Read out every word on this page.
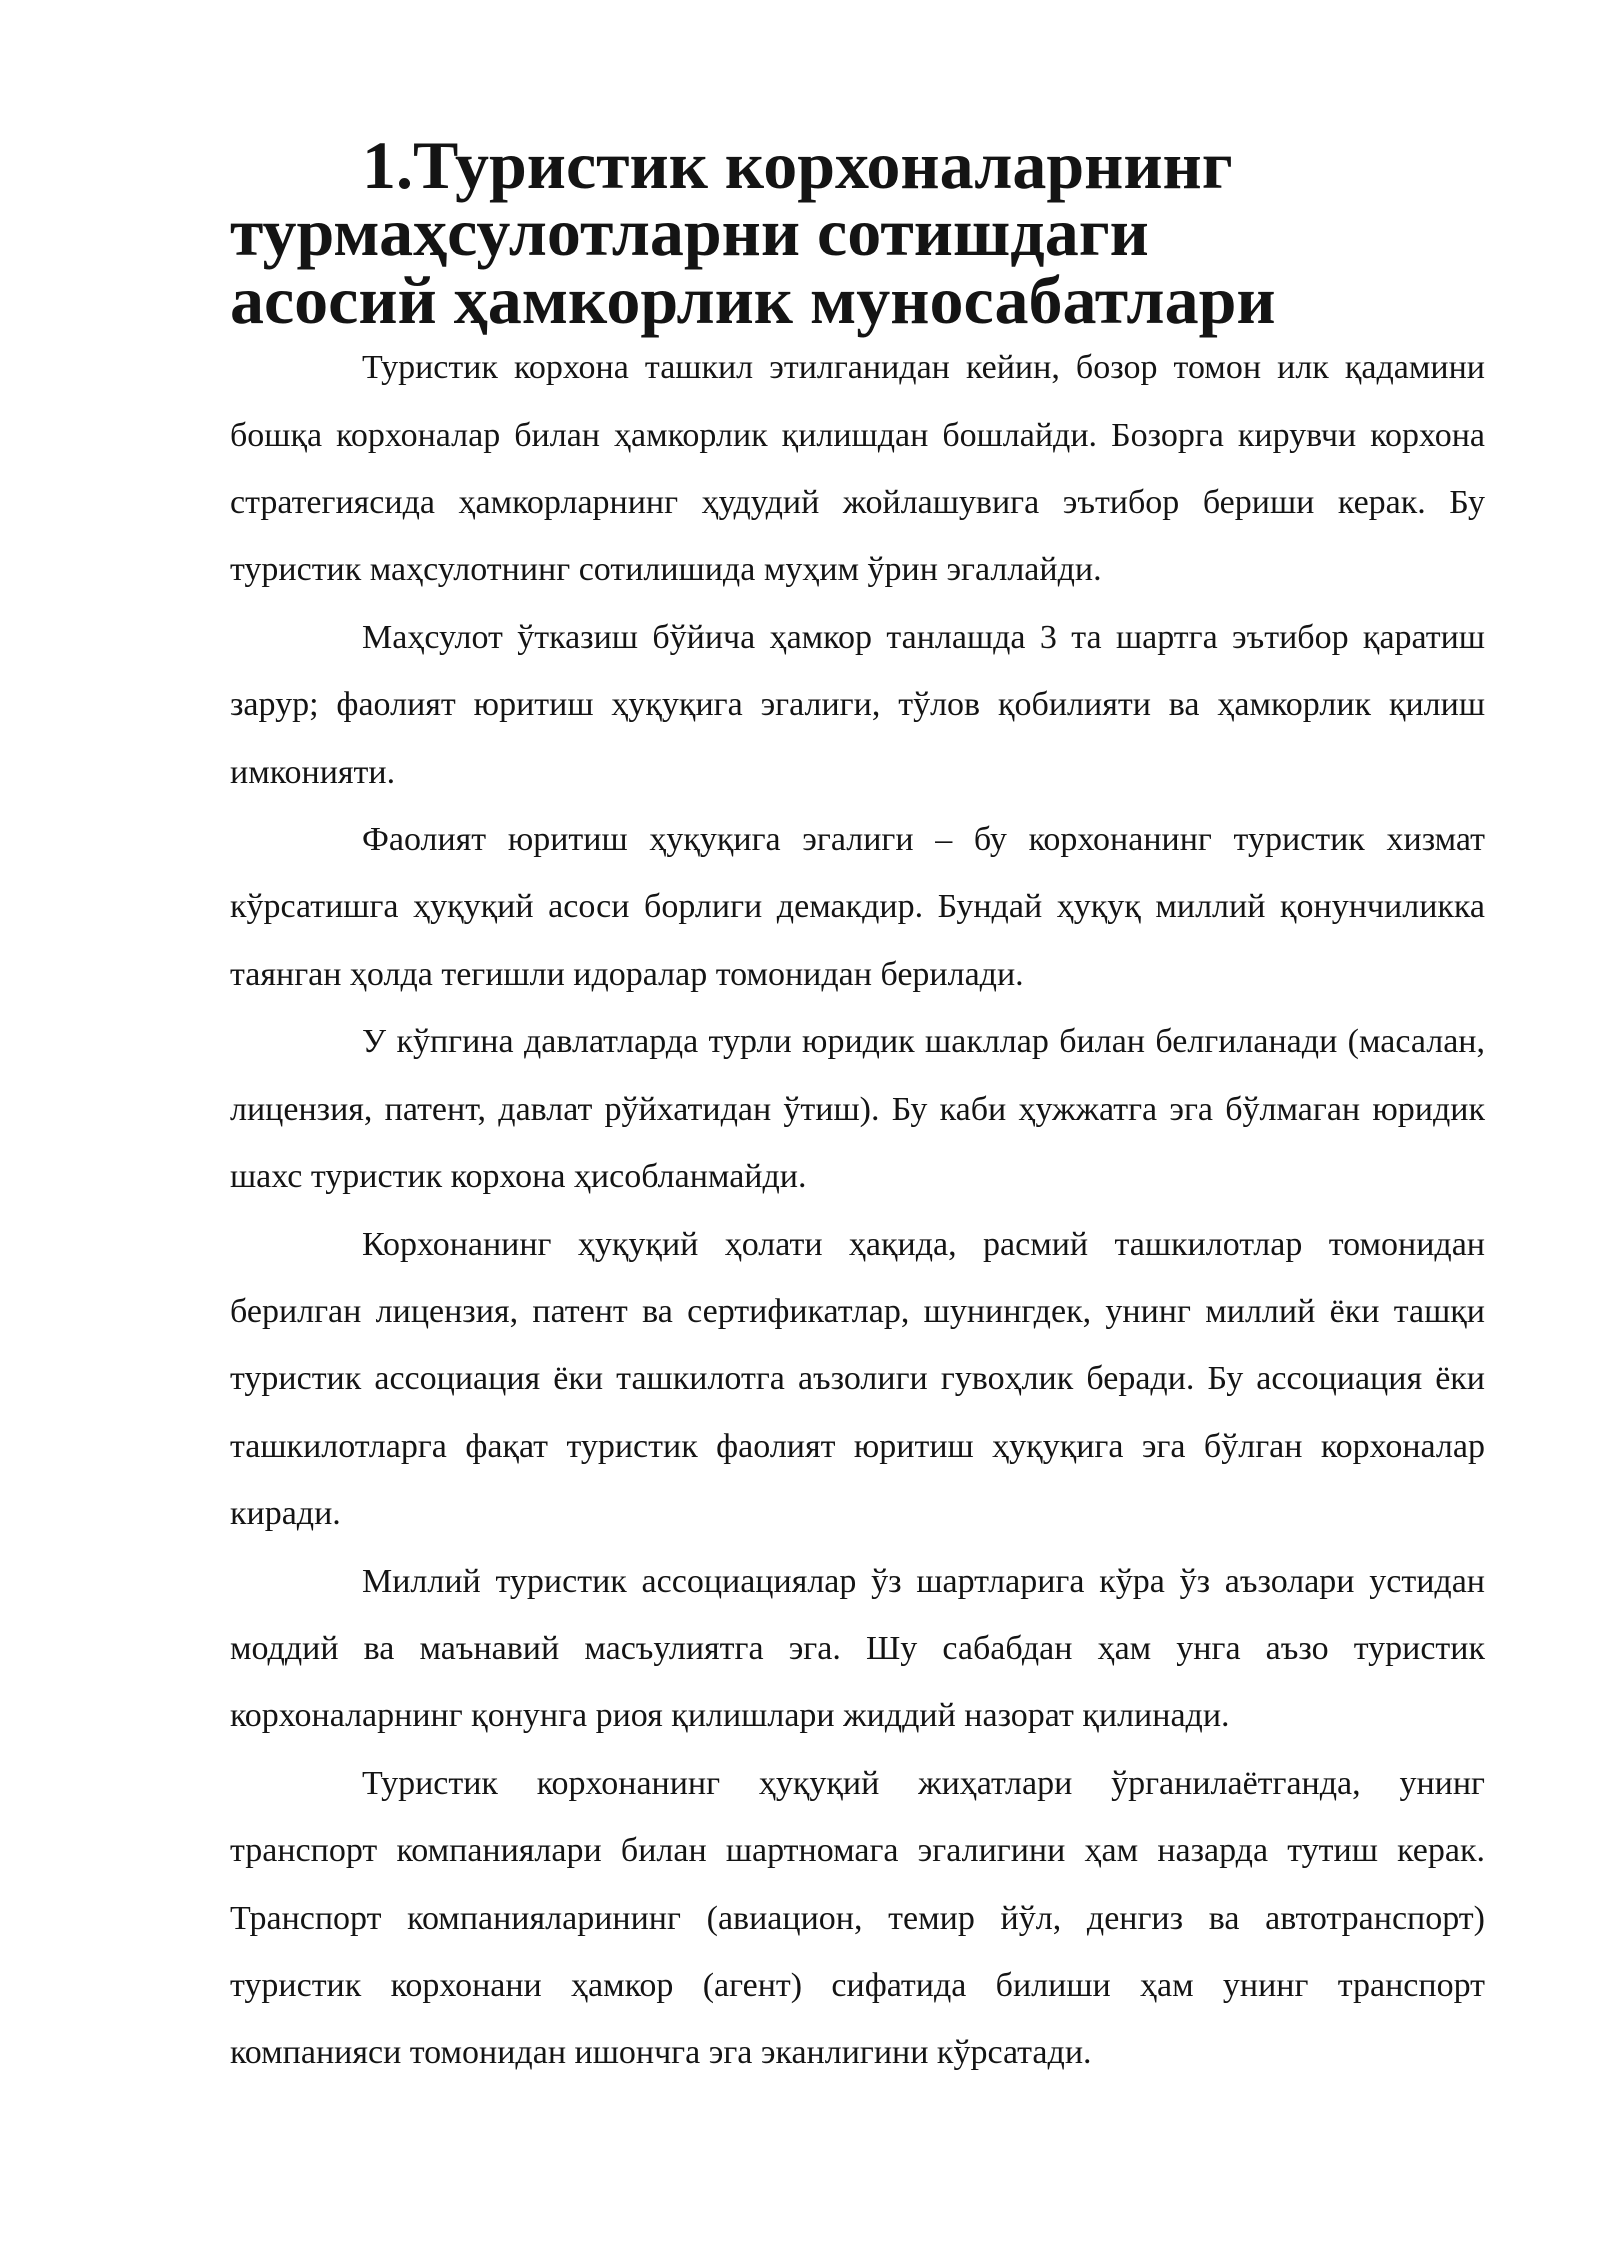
1.Туристик корхоналарнинг турмаҳсулотларни сотишдаги
асосий ҳамкорлик муносабатлари

Туристик корхона ташкил этилганидан кейин, бозор томон илк қадамини бошқа корхоналар билан ҳамкорлик қилишдан бошлайди. Бозорга кирувчи корхона стратегиясида ҳамкорларнинг ҳудудий жойлашувига эътибор бериши керак. Бу туристик маҳсулотнинг сотилишида муҳим ўрин эгаллайди.

Маҳсулот ўтказиш бўйича ҳамкор танлашда 3 та шартга эътибор қаратиш зарур; фаолият юритиш ҳуқуқига эгалиги, тўлов қобилияти ва ҳамкорлик қилиш имконияти.

Фаолият юритиш ҳуқуқига эгалиги – бу корхонанинг туристик хизмат кўрсатишга ҳуқуқий асоси борлиги демакдир. Бундай ҳуқуқ миллий қонунчиликка таянган ҳолда тегишли идоралар томонидан берилади.

У кўпгина давлатларда турли юридик шакллар билан белгиланади (масалан, лицензия, патент, давлат рўйхатидан ўтиш). Бу каби ҳужжатга эга бўлмаган юридик шахс туристик корхона ҳисобланмайди.

Корхонанинг ҳуқуқий ҳолати ҳақида, расмий ташкилотлар томонидан берилган лицензия, патент ва сертификатлар, шунингдек, унинг миллий ёки ташқи туристик ассоциация ёки ташкилотга аъзолиги гувоҳлик беради. Бу ассоциация ёки ташкилотларга фақат туристик фаолият юритиш ҳуқуқига эга бўлган корхоналар киради.

Миллий туристик ассоциациялар ўз шартларига кўра ўз аъзолари устидан моддий ва маънавий масъулиятга эга. Шу сабабдан ҳам унга аъзо туристик корхоналарнинг қонунга риоя қилишлари жиддий назорат қилинади.

Туристик корхонанинг ҳуқуқий жиҳатлари ўрганилаётганда, унинг транспорт компаниялари билан шартномага эгалигини ҳам назарда тутиш керак. Транспорт компанияларининг (авиацион, темир йўл, денгиз ва автотранспорт) туристик корхонани ҳамкор (агент) сифатида билиши ҳам унинг транспорт компанияси томонидан ишончга эга эканлигини кўрсатади.
